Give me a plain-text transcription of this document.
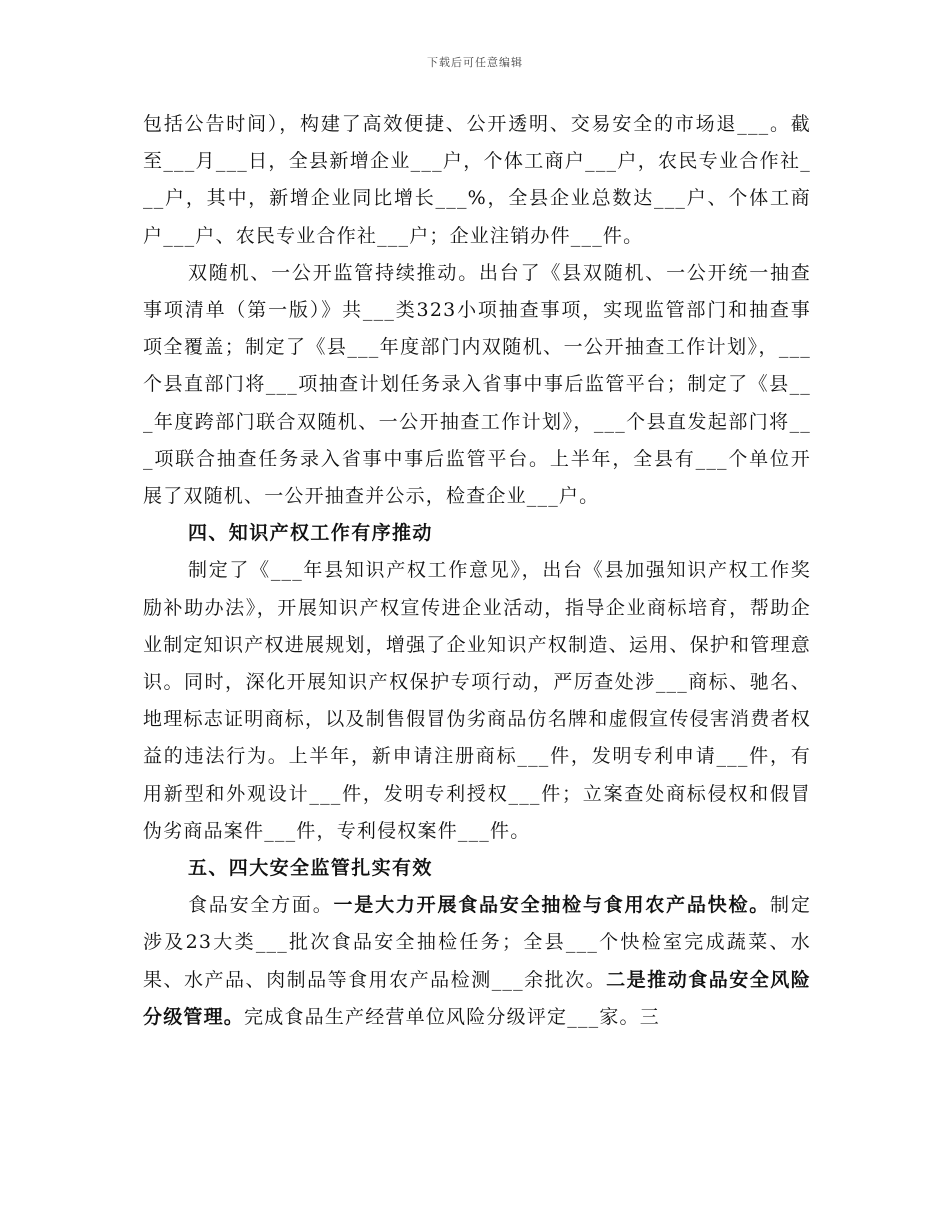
下载后可任意编辑

包括公告时间），构建了高效便捷、公开透明、交易安全的市场退___。截至___月___日，全县新增企业___户，个体工商户___户，农民专业合作社___户，其中，新增企业同比增长___%，全县企业总数达___户、个体工商户___户、农民专业合作社___户；企业注销办件___件。

双随机、一公开监管持续推动。出台了《县双随机、一公开统一抽查事项清单（第一版）》共___类323小项抽查事项，实现监管部门和抽查事项全覆盖；制定了《县___年度部门内双随机、一公开抽查工作计划》，___个县直部门将___项抽查计划任务录入省事中事后监管平台；制定了《县___年度跨部门联合双随机、一公开抽查工作计划》，___个县直发起部门将___项联合抽查任务录入省事中事后监管平台。上半年，全县有___个单位开展了双随机、一公开抽查并公示，检查企业___户。

四、知识产权工作有序推动

制定了《___年县知识产权工作意见》，出台《县加强知识产权工作奖励补助办法》，开展知识产权宣传进企业活动，指导企业商标培育，帮助企业制定知识产权进展规划，增强了企业知识产权制造、运用、保护和管理意识。同时，深化开展知识产权保护专项行动，严厉查处涉___商标、驰名、地理标志证明商标，以及制售假冒伪劣商品仿名牌和虚假宣传侵害消费者权益的违法行为。上半年，新申请注册商标___件，发明专利申请___件，有用新型和外观设计___件，发明专利授权___件；立案查处商标侵权和假冒伪劣商品案件___件，专利侵权案件___件。

五、四大安全监管扎实有效

食品安全方面。一是大力开展食品安全抽检与食用农产品快检。制定涉及23大类___批次食品安全抽检任务；全县___个快检室完成蔬菜、水果、水产品、肉制品等食用农产品检测___余批次。二是推动食品安全风险分级管理。完成食品生产经营单位风险分级评定___家。三
